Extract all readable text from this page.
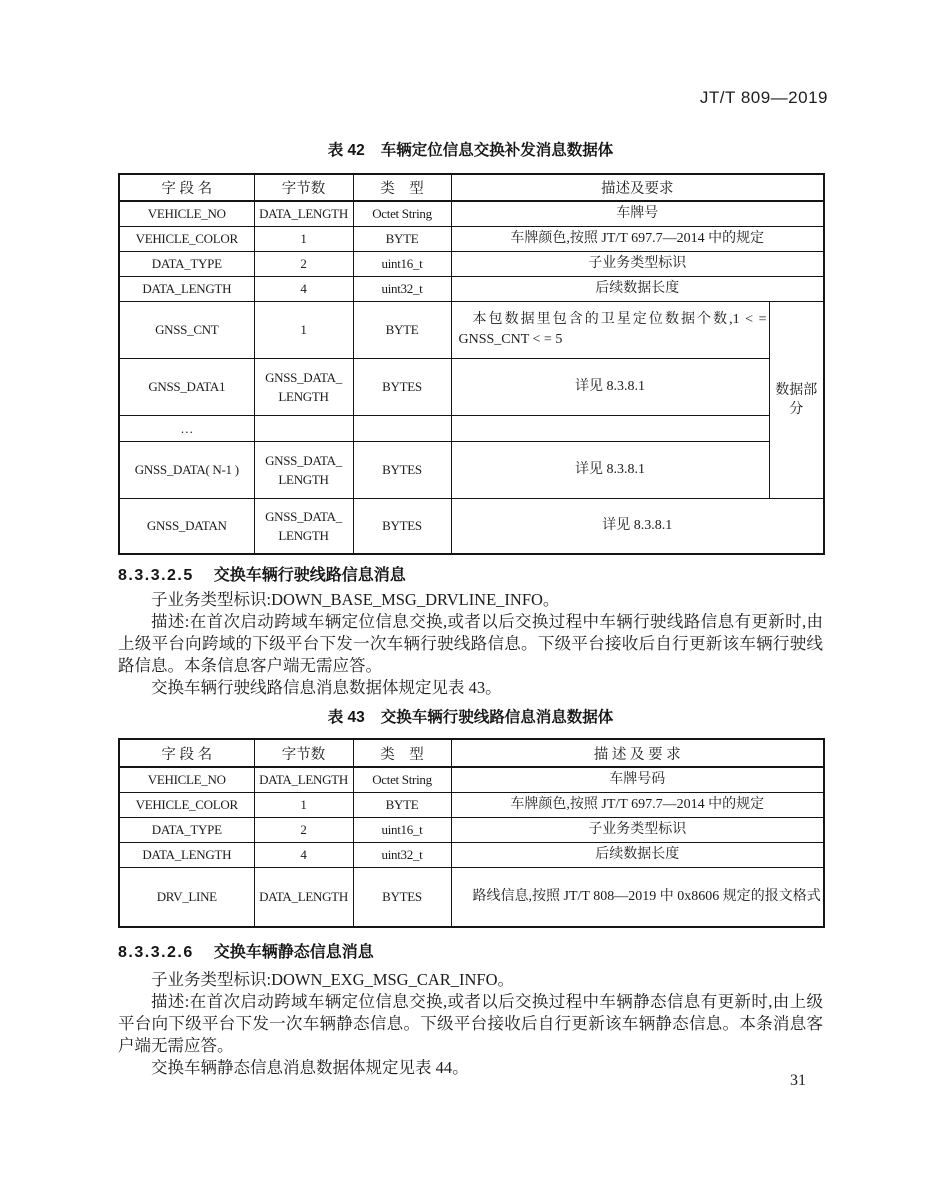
JT/T 809—2019
表 42 车辆定位信息交换补发消息数据体
字 段 名	字节数	类　型	描述及要求	
VEHICLE_NO	DATA_​LENGTH	Octet String	车牌号	
VEHICLE_COLOR	1	BYTE	车牌颜色,按照 JT/T 697.7—2014 中的规定	
DATA_TYPE	2	uint16_t	子业务类型标识	
DATA_LENGTH	4	uint32_t	后续数据长度	
GNSS_CNT	1	BYTE	本包数据里包含的卫星定位数据个数,1 < = GNSS_CNT < = 5	数据部分
GNSS_DATA1	GNSS_​DATA_​LENGTH	BYTES	详见 8.3.8.1	
…				
GNSS_DATA( N-1 )	GNSS_​DATA_​LENGTH	BYTES	详见 8.3.8.1	
GNSS_DATAN	GNSS_​DATA_​LENGTH	BYTES	详见 8.3.8.1	
8.3.3.2.5 交换车辆行驶线路信息消息

子业务类型标识:DOWN_BASE_MSG_DRVLINE_INFO。

描述:在首次启动跨域车辆定位信息交换,或者以后交换过程中车辆行驶线路信息有更新时,由上级平台向跨域的下级平台下发一次车辆行驶线路信息。下级平台接收后自行更新该车辆行驶线路信息。本条信息客户端无需应答。

交换车辆行驶线路信息消息数据体规定见表 43。

表 43 交换车辆行驶线路信息消息数据体
字 段 名	字节数	类　型	描 述 及 要 求
VEHICLE_NO	DATA_​LENGTH	Octet String	车牌号码
VEHICLE_COLOR	1	BYTE	车牌颜色,按照 JT/T 697.7—2014 中的规定
DATA_TYPE	2	uint16_t	子业务类型标识
DATA_LENGTH	4	uint32_t	后续数据长度
DRV_LINE	DATA_​LENGTH	BYTES	路线信息,按照 JT/T 808—2019 中 0x8606 规定的报文格式
8.3.3.2.6 交换车辆静态信息消息

子业务类型标识:DOWN_EXG_MSG_CAR_INFO。

描述:在首次启动跨域车辆定位信息交换,或者以后交换过程中车辆静态信息有更新时,由上级平台向下级平台下发一次车辆静态信息。下级平台接收后自行更新该车辆静态信息。本条消息客户端无需应答。

交换车辆静态信息消息数据体规定见表 44。

31
